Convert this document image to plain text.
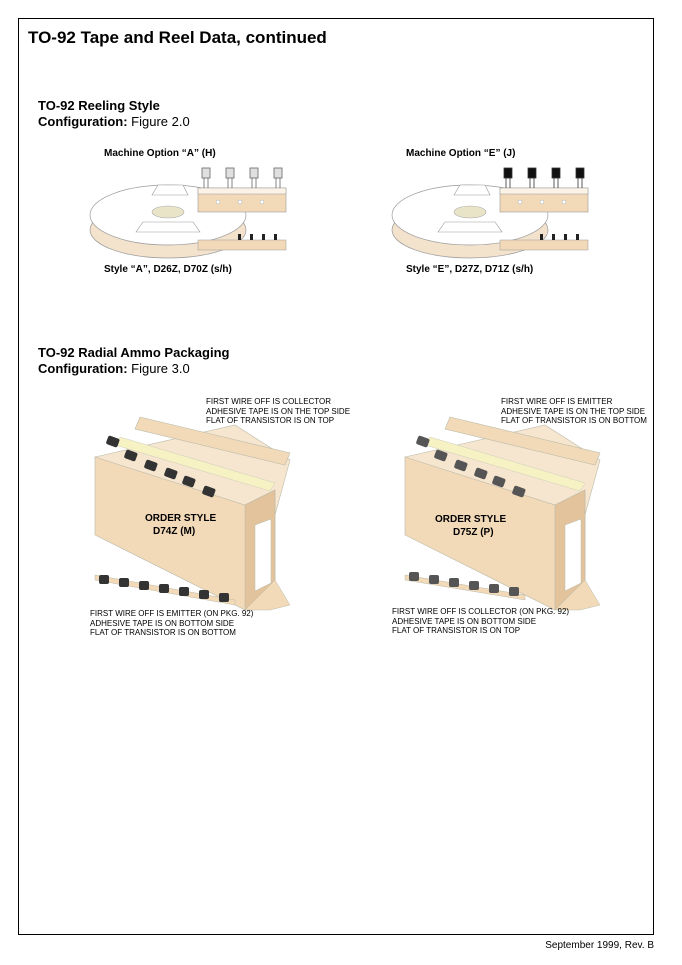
TO-92 Tape and Reel Data, continued
TO-92 Reeling Style
Configuration: Figure 2.0
Machine Option “A” (H)	Machine Option “E” (J)
Style “A”, D26Z, D70Z (s/h)	Style “E”, D27Z, D71Z (s/h)
TO-92 Radial Ammo Packaging
Configuration: Figure 3.0
FIRST WIRE OFF IS COLLECTOR
ADHESIVE TAPE IS ON THE TOP SIDE
FLAT OF TRANSISTOR IS ON TOP
FIRST WIRE OFF IS EMITTER
ADHESIVE TAPE IS ON THE TOP SIDE
FLAT OF TRANSISTOR IS ON BOTTOM
ORDER STYLE
D74Z (M)
ORDER STYLE
D75Z (P)
FIRST WIRE OFF IS EMITTER (ON PKG. 92)
ADHESIVE TAPE IS ON BOTTOM SIDE
FLAT OF TRANSISTOR IS ON BOTTOM
FIRST WIRE OFF IS COLLECTOR (ON PKG. 92)
ADHESIVE TAPE IS ON BOTTOM SIDE
FLAT OF TRANSISTOR IS ON TOP
September 1999, Rev. B
